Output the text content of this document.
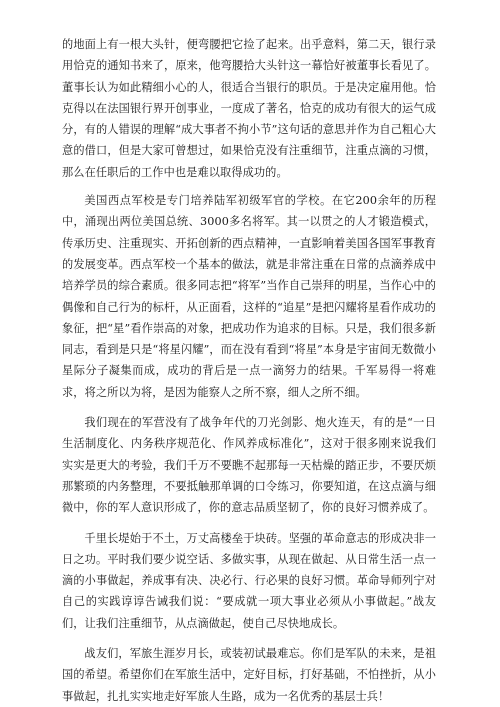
的地面上有一根大头针，便弯腰把它捡了起来。出乎意料，第二天，银行录用恰克的通知书来了，原来，他弯腰拾大头针这一幕恰好被董事长看见了。董事长认为如此精细小心的人，很适合当银行的职员。于是决定雇用他。恰克得以在法国银行界开创事业，一度成了著名，恰克的成功有很大的运气成分，有的人错误的理解“成大事者不拘小节”这句话的意思并作为自己粗心大意的借口，但是大家可曾想过，如果恰克没有注重细节，注重点滴的习惯，那么在任职后的工作中也是难以取得成功的。

美国西点军校是专门培养陆军初级军官的学校。在它200余年的历程中，涌现出两位美国总统、3000多名将军。其一以贯之的人才锻造模式，传承历史、注重现实、开拓创新的西点精神，一直影响着美国各国军事教育的发展变革。西点军校一个基本的做法，就是非常注重在日常的点滴养成中培养学员的综合素质。很多同志把“将军”当作自己崇拜的明星，当作心中的偶像和自己行为的标杆，从正面看，这样的“追星”是把闪耀将星看作成功的象征，把“星”看作崇高的对象，把成功作为追求的目标。只是，我们很多新同志，看到是只是“将星闪耀”，而在没有看到“将星”本身是宇宙间无数微小星际分子凝集而成，成功的背后是一点一滴努力的结果。千军易得一将难求，将之所以为将，是因为能察人之所不察，细人之所不细。

我们现在的军营没有了战争年代的刀光剑影、炮火连天，有的是“一日生活制度化、内务秩序规范化、作风养成标准化”，这对于很多刚来说我们实实是更大的考验，我们千万不要瞧不起那每一天枯燥的踏正步，不要厌烦那繁琐的内务整理，不要抵触那单调的口令练习，你要知道，在这点滴与细微中，你的军人意识形成了，你的意志品质坚韧了，你的良好习惯养成了。

千里长堤始于不土，万丈高楼垒于块砖。坚强的革命意志的形成决非一日之功。平时我们要少说空话、多做实事，从现在做起、从日常生活一点一滴的小事做起，养成事有决、决必行、行必果的良好习惯。革命导师列宁对自己的实践谆谆告诫我们说：“要成就一项大事业必须从小事做起。”战友们，让我们注重细节，从点滴做起，使自己尽快地成长。

战友们，军旅生涯岁月长，或装初试最难忘。你们是军队的未来，是祖国的希望。希望你们在军旅生活中，定好目标，打好基础，不怕挫折，从小事做起，扎扎实实地走好军旅人生路，成为一名优秀的基层士兵！
